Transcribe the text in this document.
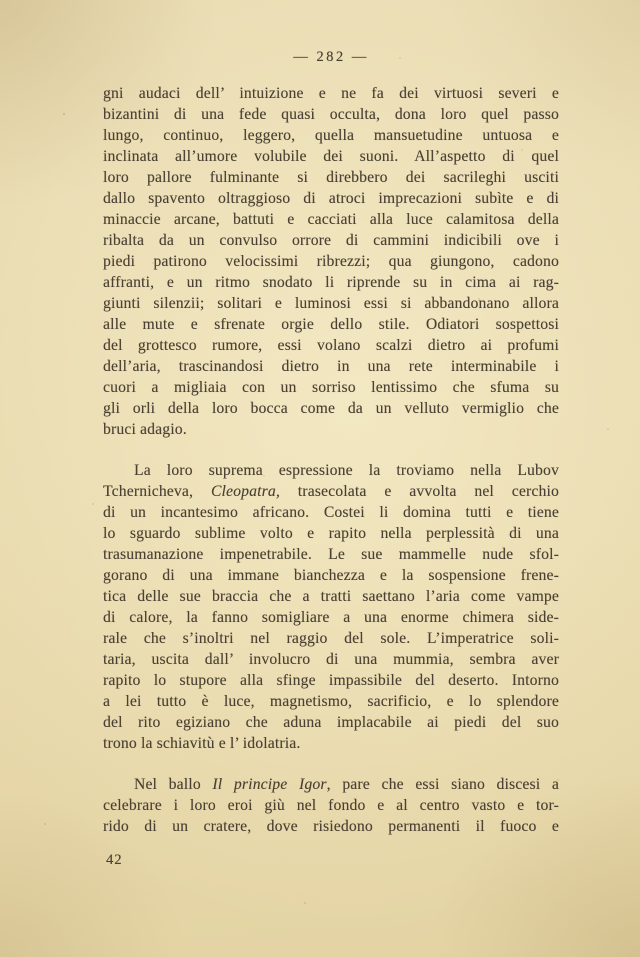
— 282 —
gni audaci dell’ intuizione e ne fa dei virtuosi severi e
bizantini di una fede quasi occulta, dona loro quel passo
lungo, continuo, leggero, quella mansuetudine untuosa e
inclinata all’umore volubile dei suoni. All’aspetto di quel
loro pallore fulminante si direbbero dei sacrileghi usciti
dallo spavento oltraggioso di atroci imprecazioni subìte e di
minaccie arcane, battuti e cacciati alla luce calamitosa della
ribalta da un convulso orrore di cammini indicibili ove i
piedi patirono velocissimi ribrezzi; qua giungono, cadono
affranti, e un ritmo snodato li riprende su in cima ai rag-
giunti silenzii; solitari e luminosi essi si abbandonano allora
alle mute e sfrenate orgie dello stile. Odiatori sospettosi
del grottesco rumore, essi volano scalzi dietro ai profumi
dell’aria, trascinandosi dietro in una rete interminabile i
cuori a migliaia con un sorriso lentissimo che sfuma su
gli orli della loro bocca come da un velluto vermiglio che
bruci adagio.
La loro suprema espressione la troviamo nella Lubov
Tchernicheva, Cleopatra, trasecolata e avvolta nel cerchio
di un incantesimo africano. Costei li domina tutti e tiene
lo sguardo sublime volto e rapito nella perplessità di una
trasumanazione impenetrabile. Le sue mammelle nude sfol-
gorano di una immane bianchezza e la sospensione frene-
tica delle sue braccia che a tratti saettano l’aria come vampe
di calore, la fanno somigliare a una enorme chimera side-
rale che s’inoltri nel raggio del sole. L’imperatrice soli-
taria, uscita dall’ involucro di una mummia, sembra aver
rapito lo stupore alla sfinge impassibile del deserto. Intorno
a lei tutto è luce, magnetismo, sacrificio, e lo splendore
del rito egiziano che aduna implacabile ai piedi del suo
trono la schiavitù e l’ idolatria.
Nel ballo Il principe Igor, pare che essi siano discesi a
celebrare i loro eroi giù nel fondo e al centro vasto e tor-
rido di un cratere, dove risiedono permanenti il fuoco e
42
